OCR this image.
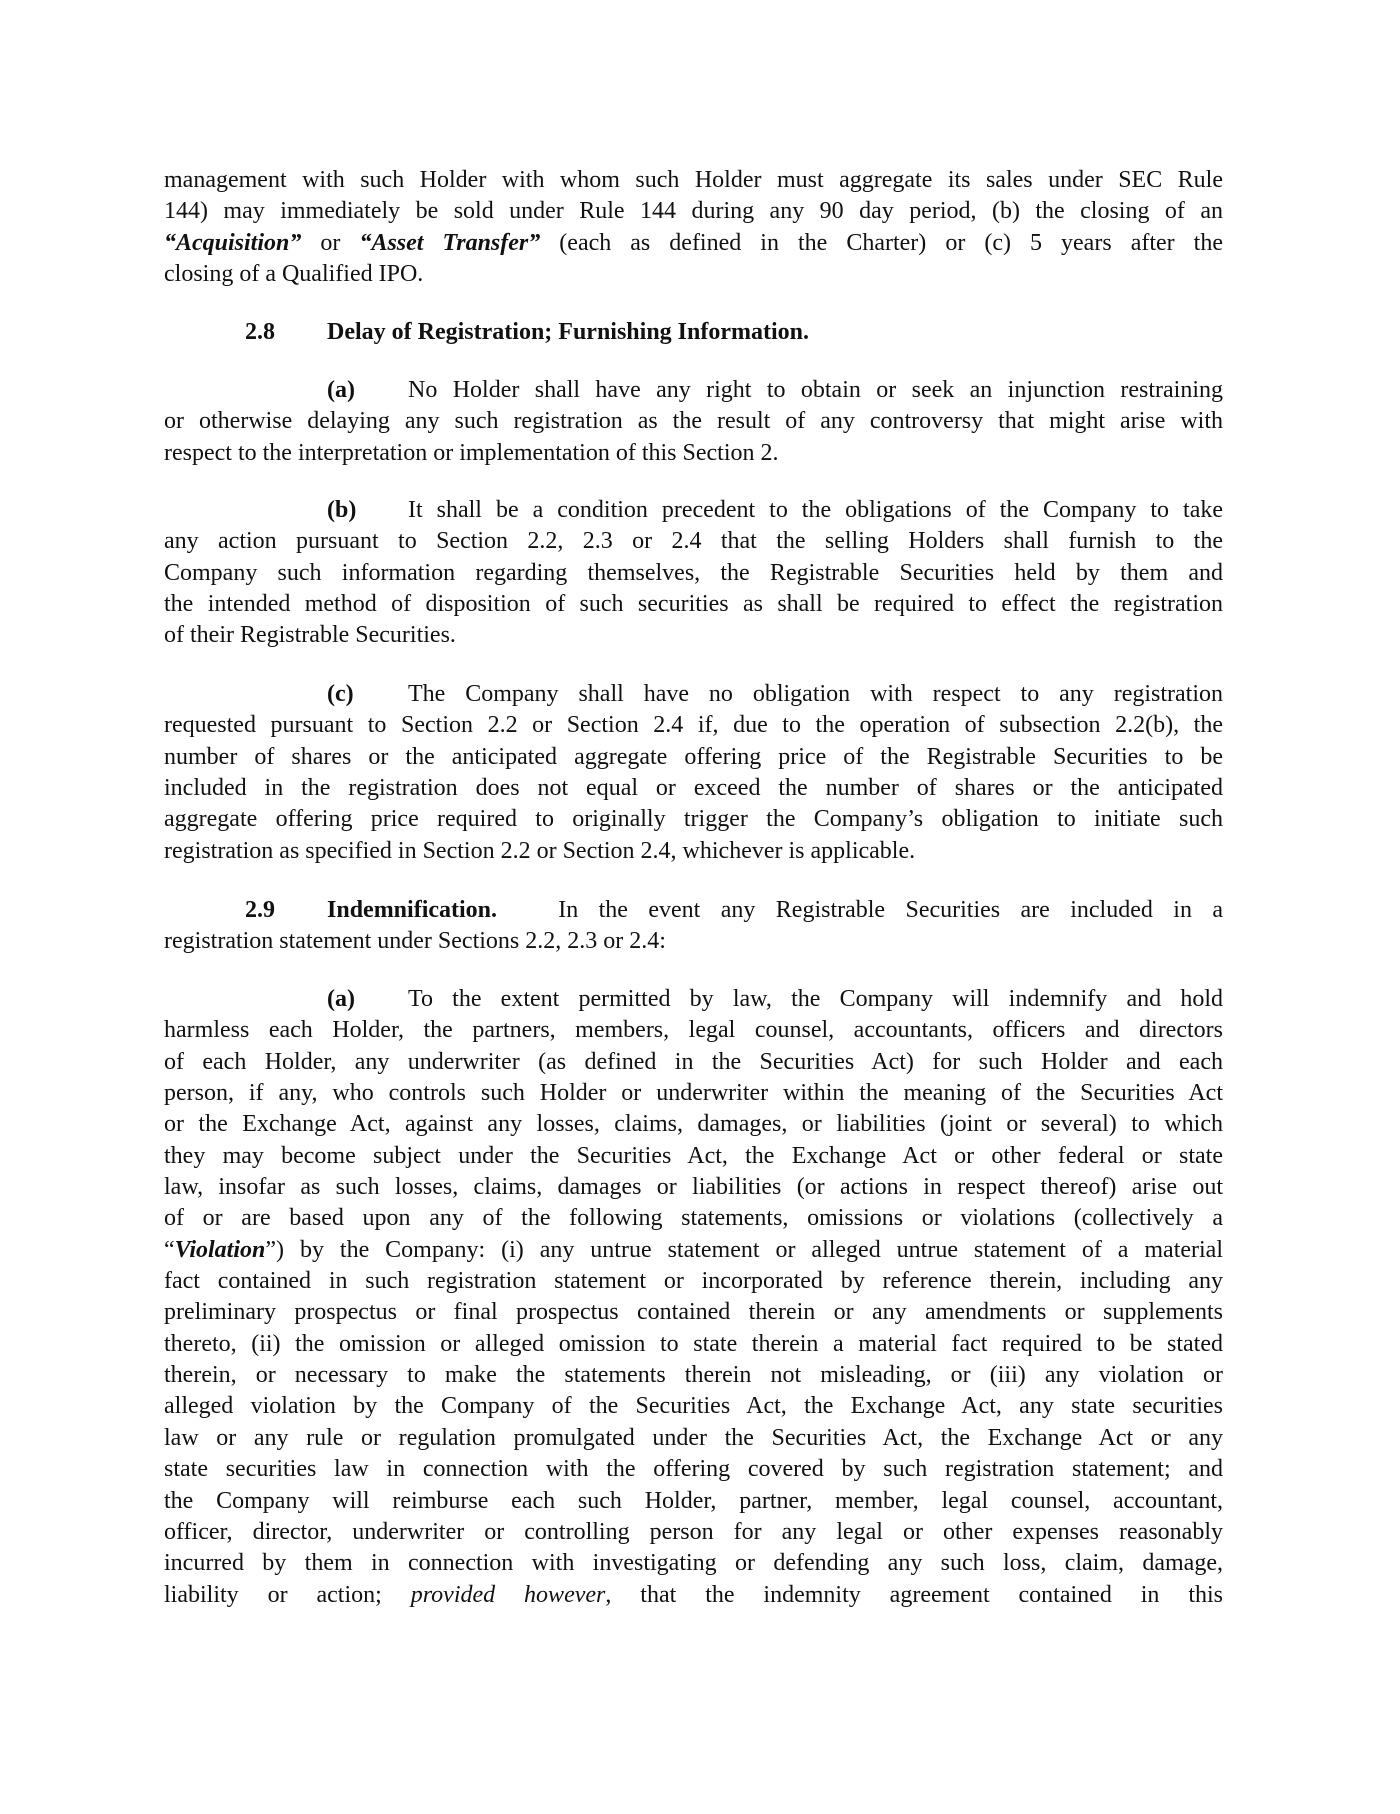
management with such Holder with whom such Holder must aggregate its sales under SEC Rule
144) may immediately be sold under Rule 144 during any 90 day period, (b) the closing of an
“Acquisition” or “Asset Transfer” (each as defined in the Charter) or (c) 5 years after the
closing of a Qualified IPO.
2.8 Delay of Registration; Furnishing Information.
(a) No Holder shall have any right to obtain or seek an injunction restraining
or otherwise delaying any such registration as the result of any controversy that might arise with
respect to the interpretation or implementation of this Section 2.
(b) It shall be a condition precedent to the obligations of the Company to take
any action pursuant to Section 2.2, 2.3 or 2.4 that the selling Holders shall furnish to the
Company such information regarding themselves, the Registrable Securities held by them and
the intended method of disposition of such securities as shall be required to effect the registration
of their Registrable Securities.
(c) The Company shall have no obligation with respect to any registration
requested pursuant to Section 2.2 or Section 2.4 if, due to the operation of subsection 2.2(b), the
number of shares or the anticipated aggregate offering price of the Registrable Securities to be
included in the registration does not equal or exceed the number of shares or the anticipated
aggregate offering price required to originally trigger the Company’s obligation to initiate such
registration as specified in Section 2.2 or Section 2.4, whichever is applicable.
2.9 Indemnification.	In the event any Registrable Securities are included in a
registration statement under Sections 2.2, 2.3 or 2.4:
(a) To the extent permitted by law, the Company will indemnify and hold
harmless each Holder, the partners, members, legal counsel, accountants, officers and directors
of each Holder, any underwriter (as defined in the Securities Act) for such Holder and each
person, if any, who controls such Holder or underwriter within the meaning of the Securities Act
or the Exchange Act, against any losses, claims, damages, or liabilities (joint or several) to which
they may become subject under the Securities Act, the Exchange Act or other federal or state
law, insofar as such losses, claims, damages or liabilities (or actions in respect thereof) arise out
of or are based upon any of the following statements, omissions or violations (collectively a
“Violation”) by the Company: (i) any untrue statement or alleged untrue statement of a material
fact contained in such registration statement or incorporated by reference therein, including any
preliminary prospectus or final prospectus contained therein or any amendments or supplements
thereto, (ii) the omission or alleged omission to state therein a material fact required to be stated
therein, or necessary to make the statements therein not misleading, or (iii) any violation or
alleged violation by the Company of the Securities Act, the Exchange Act, any state securities
law or any rule or regulation promulgated under the Securities Act, the Exchange Act or any
state securities law in connection with the offering covered by such registration statement; and
the Company will reimburse each such Holder, partner, member, legal counsel, accountant,
officer, director, underwriter or controlling person for any legal or other expenses reasonably
incurred by them in connection with investigating or defending any such loss, claim, damage,
liability or action; provided however, that the indemnity agreement contained in this
